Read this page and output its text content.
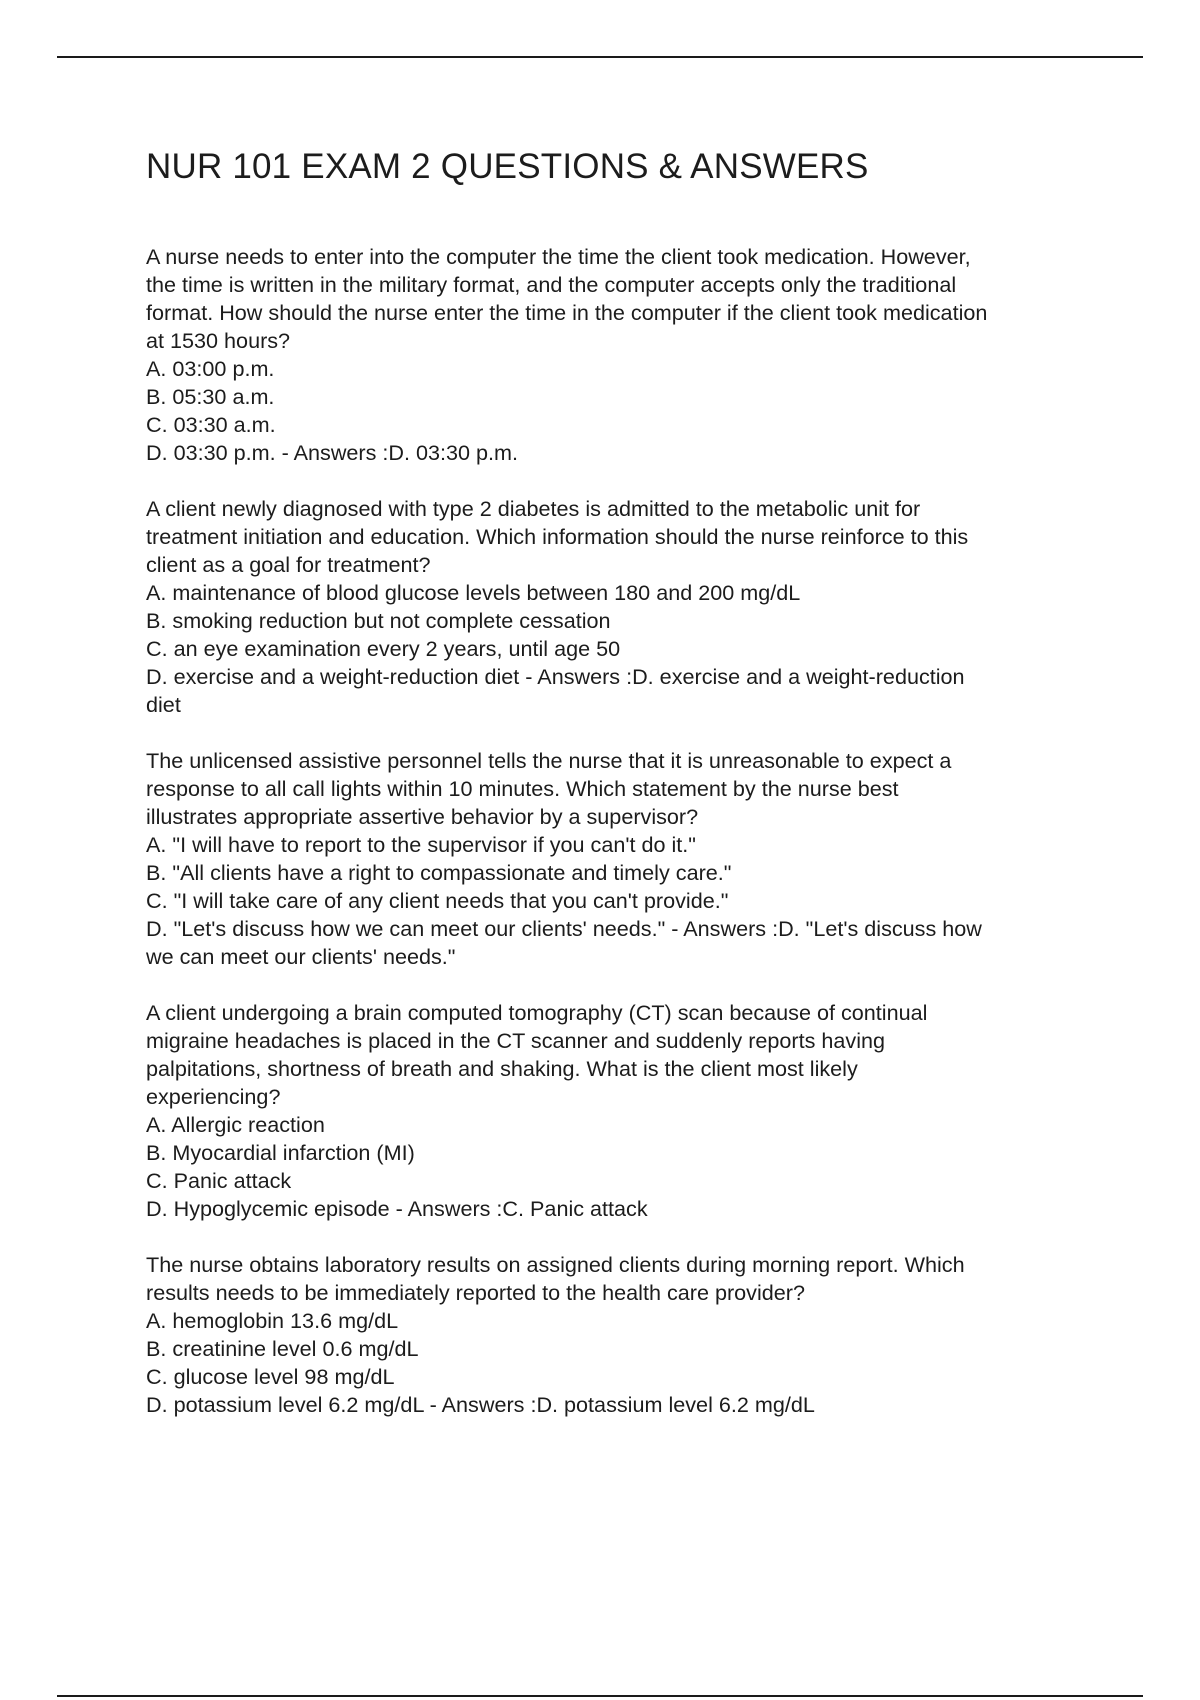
NUR 101 EXAM 2 QUESTIONS & ANSWERS
A nurse needs to enter into the computer the time the client took medication. However,
the time is written in the military format, and the computer accepts only the traditional
format. How should the nurse enter the time in the computer if the client took medication
at 1530 hours?
A. 03:00 p.m.
B. 05:30 a.m.
C. 03:30 a.m.
D. 03:30 p.m. - Answers :D. 03:30 p.m.
A client newly diagnosed with type 2 diabetes is admitted to the metabolic unit for
treatment initiation and education. Which information should the nurse reinforce to this
client as a goal for treatment?
A. maintenance of blood glucose levels between 180 and 200 mg/dL
B. smoking reduction but not complete cessation
C. an eye examination every 2 years, until age 50
D. exercise and a weight-reduction diet - Answers :D. exercise and a weight-reduction
diet
The unlicensed assistive personnel tells the nurse that it is unreasonable to expect a
response to all call lights within 10 minutes. Which statement by the nurse best
illustrates appropriate assertive behavior by a supervisor?
A. "I will have to report to the supervisor if you can't do it."
B. "All clients have a right to compassionate and timely care."
C. "I will take care of any client needs that you can't provide."
D. "Let's discuss how we can meet our clients' needs." - Answers :D. "Let's discuss how
we can meet our clients' needs."
A client undergoing a brain computed tomography (CT) scan because of continual
migraine headaches is placed in the CT scanner and suddenly reports having
palpitations, shortness of breath and shaking. What is the client most likely
experiencing?
A. Allergic reaction
B. Myocardial infarction (MI)
C. Panic attack
D. Hypoglycemic episode - Answers :C. Panic attack
The nurse obtains laboratory results on assigned clients during morning report. Which
results needs to be immediately reported to the health care provider?
A. hemoglobin 13.6 mg/dL
B. creatinine level 0.6 mg/dL
C. glucose level 98 mg/dL
D. potassium level 6.2 mg/dL - Answers :D. potassium level 6.2 mg/dL
